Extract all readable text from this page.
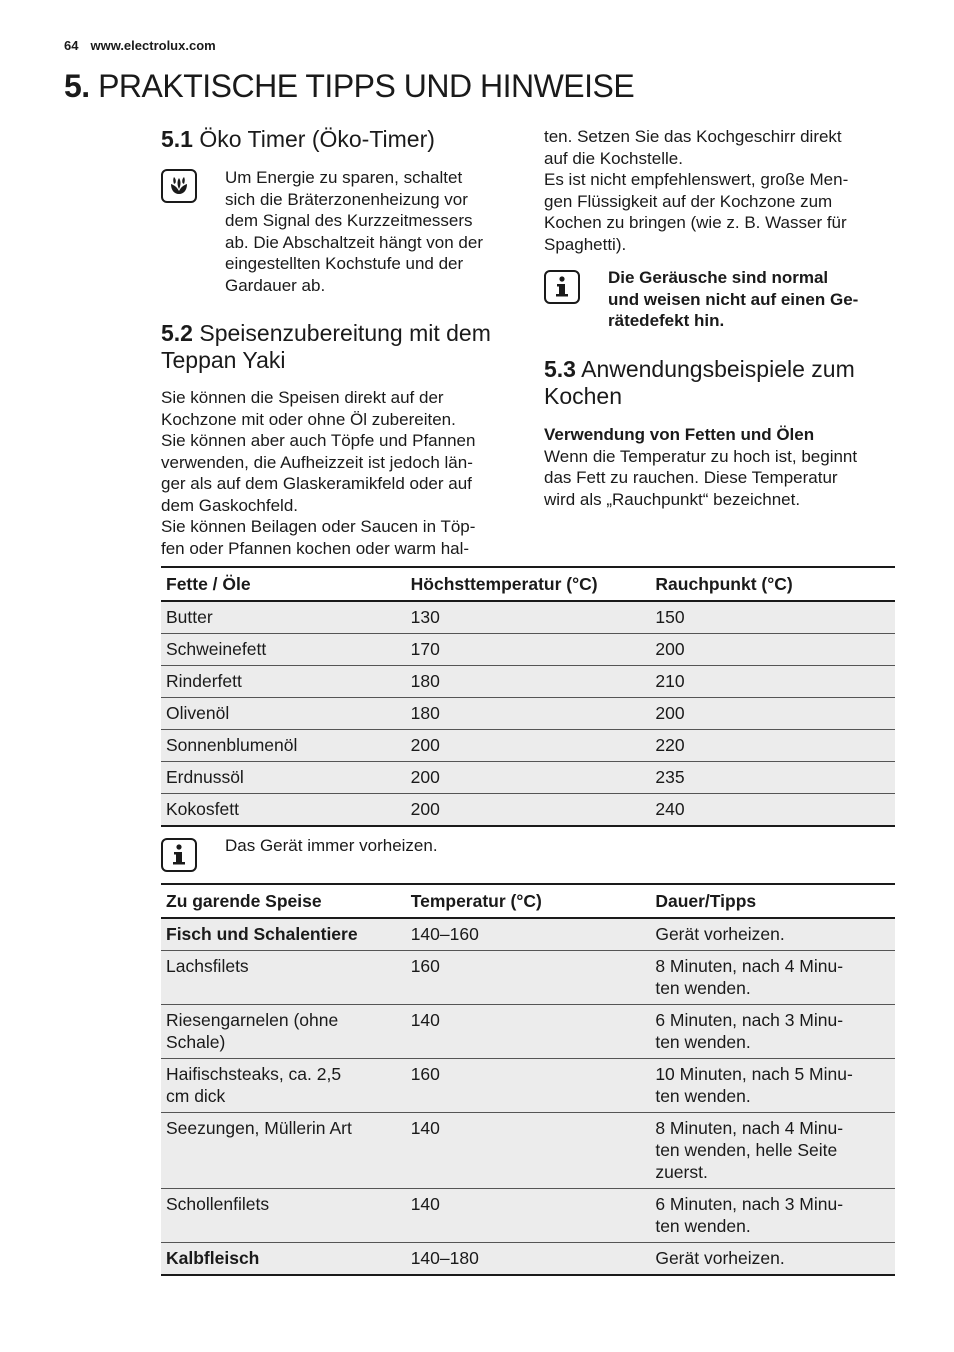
64 www.electrolux.com
5. PRAKTISCHE TIPPS UND HINWEISE
5.1 Öko Timer (Öko-Timer)

Um Energie zu sparen, schaltet

sich die Bräterzonenheizung vor

dem Signal des Kurzzeitmessers

ab. Die Abschaltzeit hängt von der

eingestellten Kochstufe und der

Gardauer ab.

5.2 Speisenzubereitung mit dem
Teppan Yaki

Sie können die Speisen direkt auf der

Kochzone mit oder ohne Öl zubereiten.

Sie können aber auch Töpfe und Pfannen

verwenden, die Aufheizzeit ist jedoch län-

ger als auf dem Glaskeramikfeld oder auf

dem Gaskochfeld.

Sie können Beilagen oder Saucen in Töp-

fen oder Pfannen kochen oder warm hal-

ten. Setzen Sie das Kochgeschirr direkt

auf die Kochstelle.

Es ist nicht empfehlenswert, große Men-

gen Flüssigkeit auf der Kochzone zum

Kochen zu bringen (wie z. B. Wasser für

Spaghetti).

Die Geräusche sind normal

und weisen nicht auf einen Ge-

rätedefekt hin.

5.3 Anwendungsbeispiele zum
Kochen

Verwendung von Fetten und Ölen

Wenn die Temperatur zu hoch ist, beginnt

das Fett zu rauchen. Diese Temperatur

wird als „Rauchpunkt“ bezeichnet.

Fette / Öle	Höchsttemperatur (°C)	Rauchpunkt (°C)
Butter	130	150
Schweinefett	170	200
Rinderfett	180	210
Olivenöl	180	200
Sonnenblumenöl	200	220
Erdnussöl	200	235
Kokosfett	200	240

Das Gerät immer vorheizen.

Zu garende Speise	Temperatur (°C)	Dauer/Tipps
Fisch und Schalentiere	140–160	Gerät vorheizen.
Lachsfilets	160	8 Minuten, nach 4 Minu-
ten wenden.
Riesengarnelen (ohne
Schale)	140	6 Minuten, nach 3 Minu-
ten wenden.
Haifischsteaks, ca. 2,5
cm dick	160	10 Minuten, nach 5 Minu-
ten wenden.
Seezungen, Müllerin Art	140	8 Minuten, nach 4 Minu-
ten wenden, helle Seite
zuerst.
Schollenfilets	140	6 Minuten, nach 3 Minu-
ten wenden.
Kalbfleisch	140–180	Gerät vorheizen.
